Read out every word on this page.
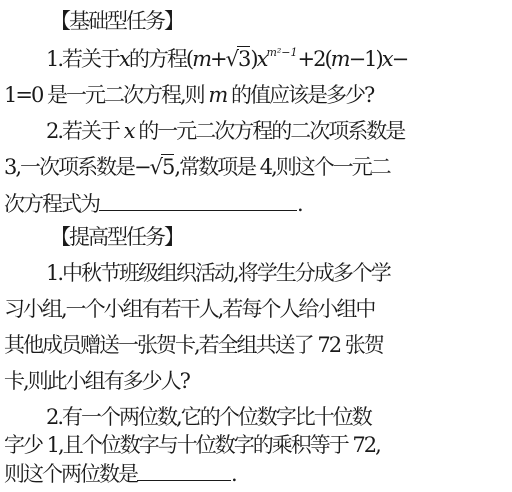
【基础型任务】
1.若关于x的方程$(m+√3)x^{m^2-1}+2(m-1)x-$
1=0 是一元二次方程,则 m 的值应该是多少?
2.若关于 x 的一元二次方程的二次项系数是
3,一次项系数是−√5,常数项是 4,则这个一元二
次方程式为	.
【提高型任务】
1.中秋节班级组织活动,将学生分成多个学
习小组,一个小组有若干人,若每个人给小组中
其他成员赠送一张贺卡,若全组共送了 72 张贺
卡,则此小组有多少人?
2.有一个两位数,它的个位数字比十位数
字少 1,且个位数字与十位数字的乘积等于 72,
则这个两位数是	.
